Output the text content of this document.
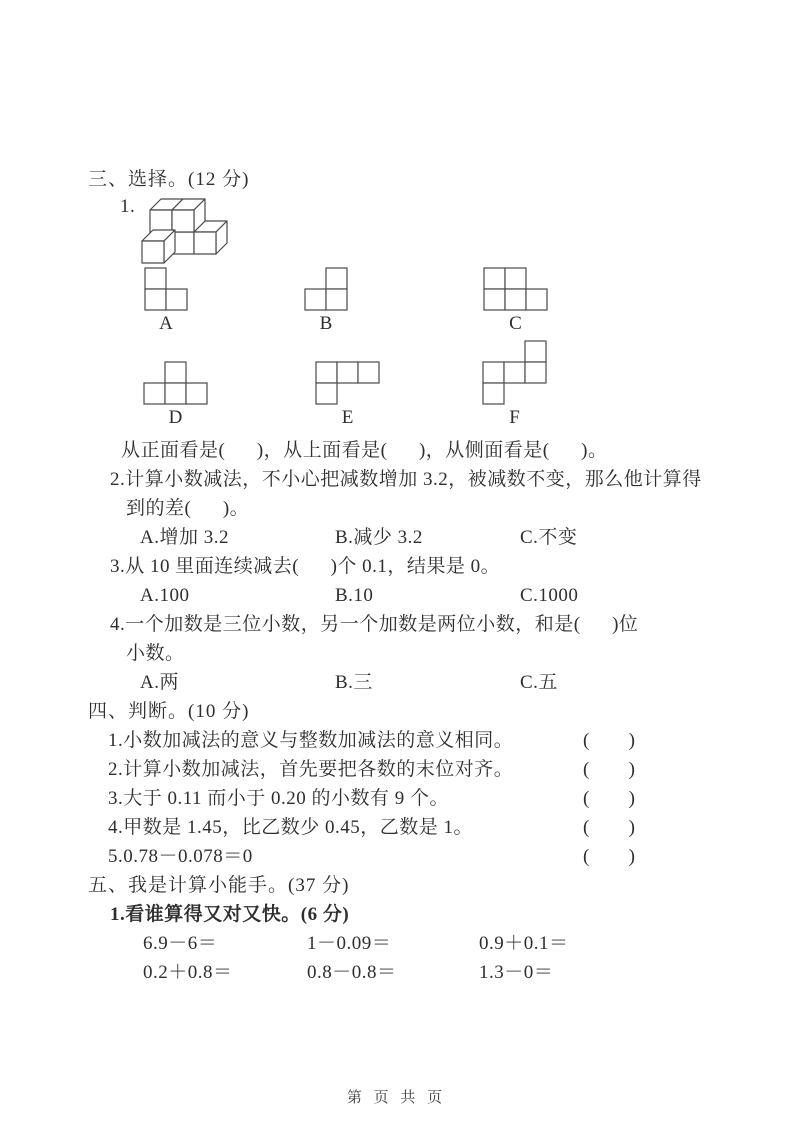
三、选择。(12 分)
1.
A	B	C
D	E	F
从正面看是(      )，从上面看是(      )，从侧面看是(      )。
2.计算小数减法，不小心把减数增加 3.2，被减数不变，那么他计算得
到的差(      )。
A.增加 3.2	B.减少 3.2	C.不变
3.从 10 里面连续减去(      )个 0.1，结果是 0。
A.100	B.10	C.1000
4.一个加数是三位小数，另一个加数是两位小数，和是(      )位
小数。
A.两	B.三	C.五
四、判断。(10 分)
1.小数加减法的意义与整数加减法的意义相同。	( )
2.计算小数加减法，首先要把各数的末位对齐。	( )
3.大于 0.11 而小于 0.20 的小数有 9 个。	( )
4.甲数是 1.45，比乙数少 0.45，乙数是 1。	( )
5.0.78－0.078＝0	( )
五、我是计算小能手。(37 分)
1.看谁算得又对又快。(6 分)
6.9－6＝	1－0.09＝	0.9＋0.1＝
0.2＋0.8＝	0.8－0.8＝	1.3－0＝
第 页 共 页
